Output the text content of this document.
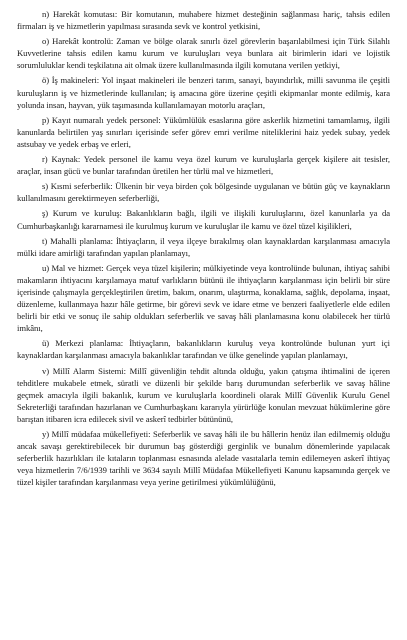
n) Harekât komutası: Bir komutanın, muhabere hizmet desteğinin sağlanması hariç, tahsis edilen firmaları iş ve hizmetlerin yapılması sırasında sevk ve kontrol yetkisini,

o) Harekât kontrolü: Zaman ve bölge olarak sınırlı özel görevlerin başarılabilmesi için Türk Silahlı Kuvvetlerine tahsis edilen kamu kurum ve kuruluşları veya bunlara ait birimlerin idari ve lojistik sorumluluklar kendi teşkilatına ait olmak üzere kullanılmasında ilgili komutana verilen yetkiyi,

ö) İş makineleri: Yol inşaat makineleri ile benzeri tarım, sanayi, bayındırlık, milli savunma ile çeşitli kuruluşların iş ve hizmetlerinde kullanılan; iş amacına göre üzerine çeşitli ekipmanlar monte edilmiş, kara yolunda insan, hayvan, yük taşımasında kullanılamayan motorlu araçları,

p) Kayıt numaralı yedek personel: Yükümlülük esaslarına göre askerlik hizmetini tamamlamış, ilgili kanunlarda belirtilen yaş sınırları içerisinde sefer görev emri verilme niteliklerini haiz yedek subay, yedek astsubay ve yedek erbaş ve erleri,

r) Kaynak: Yedek personel ile kamu veya özel kurum ve kuruluşlarla gerçek kişilere ait tesisler, araçlar, insan gücü ve bunlar tarafından üretilen her türlü mal ve hizmetleri,

s) Kısmi seferberlik: Ülkenin bir veya birden çok bölgesinde uygulanan ve bütün güç ve kaynakların kullanılmasını gerektirmeyen seferberliği,

ş) Kurum ve kuruluş: Bakanlıkların bağlı, ilgili ve ilişkili kuruluşlarını, özel kanunlarla ya da Cumhurbaşkanlığı kararnamesi ile kurulmuş kurum ve kuruluşlar ile kamu ve özel tüzel kişilikleri,

t) Mahalli planlama: İhtiyaçların, il veya ilçeye bırakılmış olan kaynaklardan karşılanması amacıyla mülki idare amirliği tarafından yapılan planlamayı,

u) Mal ve hizmet: Gerçek veya tüzel kişilerin; mülkiyetinde veya kontrolünde bulunan, ihtiyaç sahibi makamların ihtiyacını karşılamaya matuf varlıkların bütünü ile ihtiyaçların karşılanması için belirli bir süre içerisinde çalışmayla gerçekleştirilen üretim, bakım, onarım, ulaştırma, konaklama, sağlık, depolama, inşaat, düzenleme, kullanmaya hazır hâle getirme, bir görevi sevk ve idare etme ve benzeri faaliyetlerle elde edilen belirli bir etki ve sonuç ile sahip oldukları seferberlik ve savaş hâli planlamasına konu olabilecek her türlü imkânı,

ü) Merkezi planlama: İhtiyaçların, bakanlıkların kuruluş veya kontrolünde bulunan yurt içi kaynaklardan karşılanması amacıyla bakanlıklar tarafından ve ülke genelinde yapılan planlamayı,

v) Millî Alarm Sistemi: Millî güvenliğin tehdit altında olduğu, yakın çatışma ihtimalini de içeren tehditlere mukabele etmek, süratli ve düzenli bir şekilde barış durumundan seferberlik ve savaş hâline geçmek amacıyla ilgili bakanlık, kurum ve kuruluşlarla koordineli olarak Millî Güvenlik Kurulu Genel Sekreterliği tarafından hazırlanan ve Cumhurbaşkanı kararıyla yürürlüğe konulan mevzuat hükümlerine göre barıştan itibaren icra edilecek sivil ve askerî tedbirler bütününü,

y) Millî müdafaa mükellefiyeti: Seferberlik ve savaş hâli ile bu hâllerin henüz ilan edilmemiş olduğu ancak savaşı gerektirebilecek bir durumun baş gösterdiği gerginlik ve bunalım dönemlerinde yapılacak seferberlik hazırlıkları ile kıtaların toplanması esnasında alelade vasıtalarla temin edilemeyen askerî ihtiyaç veya hizmetlerin 7/6/1939 tarihli ve 3634 sayılı Millî Müdafaa Mükellefiyeti Kanunu kapsamında gerçek ve tüzel kişiler tarafından karşılanması veya yerine getirilmesi yükümlülüğünü,
